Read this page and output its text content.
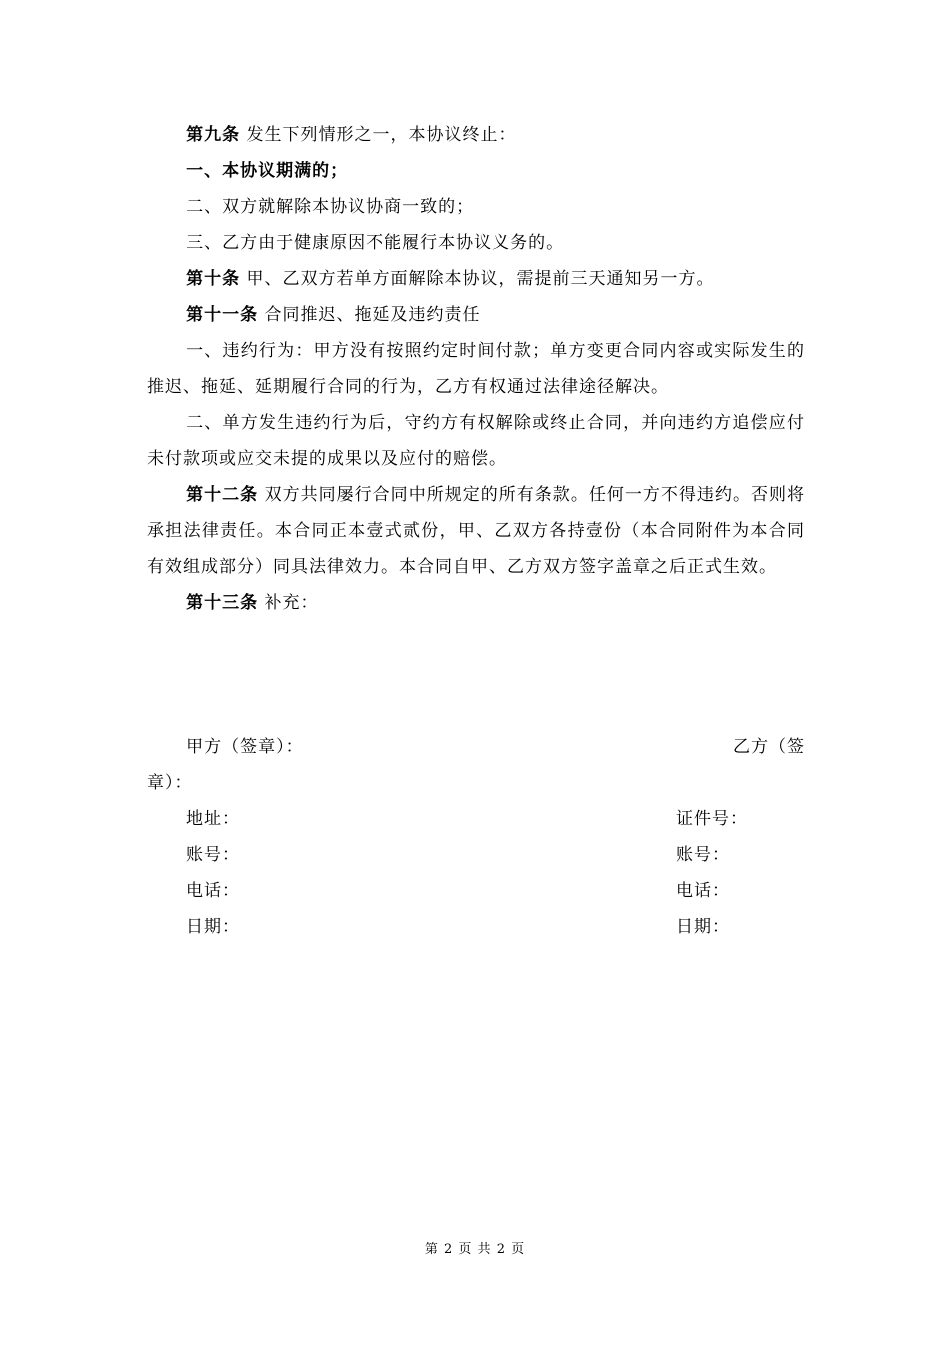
第九条 发生下列情形之一，本协议终止：

一、本协议期满的；

二、双方就解除本协议协商一致的；

三、乙方由于健康原因不能履行本协议义务的。

第十条 甲、乙双方若单方面解除本协议，需提前三天通知另一方。

第十一条 合同推迟、拖延及违约责任

一、违约行为：甲方没有按照约定时间付款；单方变更合同内容或实际发生的推迟、拖延、延期履行合同的行为，乙方有权通过法律途径解决。

二、单方发生违约行为后，守约方有权解除或终止合同，并向违约方追偿应付未付款项或应交未提的成果以及应付的赔偿。

第十二条 双方共同屡行合同中所规定的所有条款。任何一方不得违约。否则将承担法律责任。本合同正本壹式贰份，甲、乙双方各持壹份（本合同附件为本合同有效组成部分）同具法律效力。本合同自甲、乙方双方签字盖章之后正式生效。

第十三条 补充：

甲方（签章）：	乙方（签
章）：
地址：	证件号：
账号：	账号：
电话：	电话：
日期：	日期：
第 2 页 共 2 页
